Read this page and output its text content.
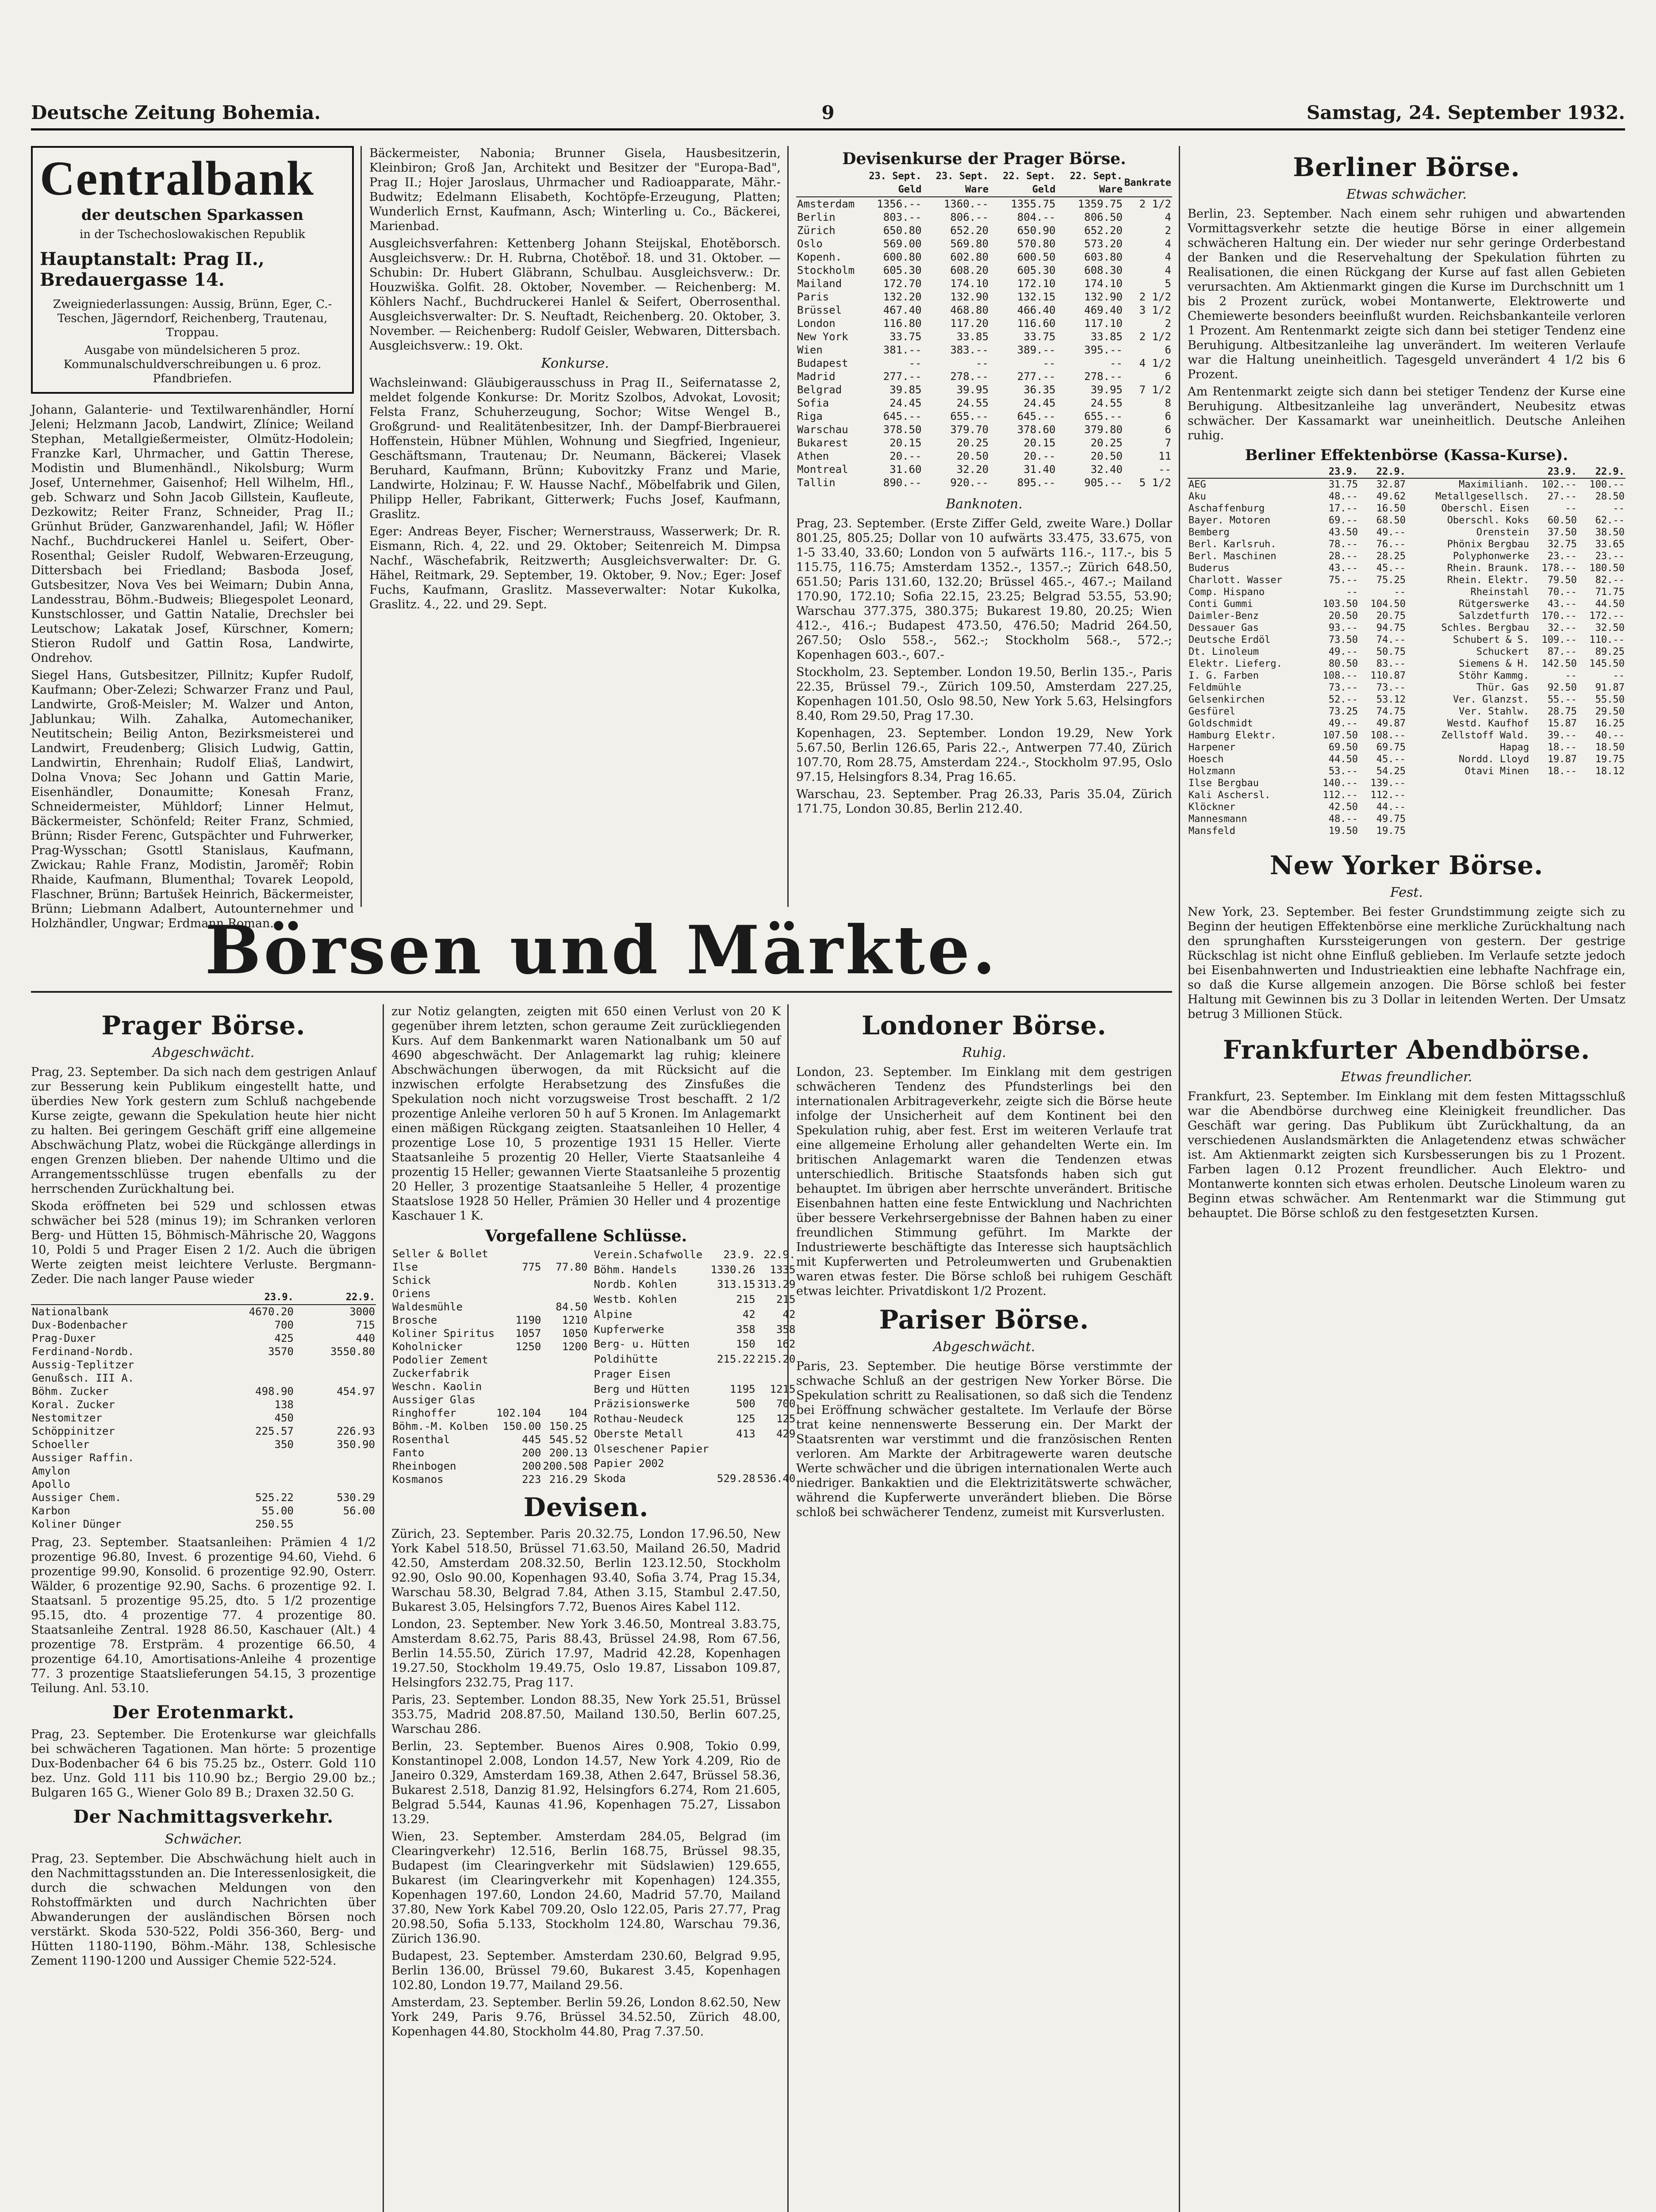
Deutsche Zeitung Bohemia.	9	Samstag, 24. September 1932.
Centralbank
der deutschen Sparkassen
in der Tschechoslowakischen Republik
Hauptanstalt: Prag II., Bredauergasse 14.
Zweigniederlassungen: Aussig, Brünn, Eger, C.-Teschen, Jägerndorf, Reichenberg, Trautenau, Troppau.
Ausgabe von mündelsicheren 5 proz. Kommunalschuldverschreibungen u. 6 proz. Pfandbriefen.

Johann, Galanterie- und Textilwarenhändler, Horní Jeleni; Helzmann Jacob, Landwirt, Zlínice; Weiland Stephan, Metallgießermeister, Olmütz-Hodolein; Franzke Karl, Uhrmacher, und Gattin Therese, Modistin und Blumenhändl., Nikolsburg; Wurm Josef, Unternehmer, Gaisenhof; Hell Wilhelm, Hfl., geb. Schwarz und Sohn Jacob Gillstein, Kaufleute, Dezkowitz; Reiter Franz, Schneider, Prag II.; Grünhut Brüder, Ganzwarenhandel, Jafil; W. Höfler Nachf., Buchdruckerei Hanlel u. Seifert, Ober-Rosenthal; Geisler Rudolf, Webwaren-Erzeugung, Dittersbach bei Friedland; Basboda Josef, Gutsbesitzer, Nova Ves bei Weimarn; Dubin Anna, Landesstrau, Böhm.-Budweis; Bliegespolet Leonard, Kunstschlosser, und Gattin Natalie, Drechsler bei Leutschow; Lakatak Josef, Kürschner, Komern; Stieron Rudolf und Gattin Rosa, Landwirte, Ondrehov.

Siegel Hans, Gutsbesitzer, Pillnitz; Kupfer Rudolf, Kaufmann; Ober-Zelezi; Schwarzer Franz und Paul, Landwirte, Groß-Meisler; M. Walzer und Anton, Jablunkau; Wilh. Zahalka, Automechaniker, Neutitschein; Beilig Anton, Bezirksmeisterei und Landwirt, Freudenberg; Glisich Ludwig, Gattin, Landwirtin, Ehrenhain; Rudolf Eliaš, Landwirt, Dolna Vnova; Sec Johann und Gattin Marie, Eisenhändler, Donaumitte; Konesah Franz, Schneidermeister, Mühldorf; Linner Helmut, Bäckermeister, Schönfeld; Reiter Franz, Schmied, Brünn; Risder Ferenc, Gutspächter und Fuhrwerker, Prag-Wysschan; Gsottl Stanislaus, Kaufmann, Zwickau; Rahle Franz, Modistin, Jaroměř; Robin Rhaide, Kaufmann, Blumenthal; Tovarek Leopold, Flaschner, Brünn; Bartušek Heinrich, Bäckermeister, Brünn; Liebmann Adalbert, Autounternehmer und Holzhändler, Ungwar; Erdmann Roman.

Bäckermeister, Nabonia; Brunner Gisela, Hausbesitzerin, Kleinbiron; Groß Jan, Architekt und Besitzer der "Europa-Bad", Prag II.; Hojer Jaroslaus, Uhrmacher und Radioapparate, Mähr.-Budwitz; Edelmann Elisabeth, Kochtöpfe-Erzeugung, Platten; Wunderlich Ernst, Kaufmann, Asch; Winterling u. Co., Bäckerei, Marienbad.

Ausgleichsverfahren: Kettenberg Johann Steijskal, Ehotěborsch. Ausgleichsverw.: Dr. H. Rubrna, Chotěboř. 18. und 31. Oktober. — Schubin: Dr. Hubert Gläbrann, Schulbau. Ausgleichsverw.: Dr. Houzwiška. Golfit. 28. Oktober, November. — Reichenberg: M. Köhlers Nachf., Buchdruckerei Hanlel & Seifert, Oberrosenthal. Ausgleichsverwalter: Dr. S. Neuftadt, Reichenberg. 20. Oktober, 3. November. — Reichenberg: Rudolf Geisler, Webwaren, Dittersbach. Ausgleichsverw.: 19. Okt.

Konkurse.

Wachsleinwand: Gläubigerausschuss in Prag II., Seifernatasse 2, meldet folgende Konkurse: Dr. Moritz Szolbos, Advokat, Lovosit; Felsta Franz, Schuherzeugung, Sochor; Witse Wengel B., Großgrund- und Realitätenbesitzer, Inh. der Dampf-Bierbrauerei Hoffenstein, Hübner Mühlen, Wohnung und Siegfried, Ingenieur, Geschäftsmann, Trautenau; Dr. Neumann, Bäckerei; Vlasek Beruhard, Kaufmann, Brünn; Kubovitzky Franz und Marie, Landwirte, Holzinau; F. W. Hausse Nachf., Möbelfabrik und Gilen, Philipp Heller, Fabrikant, Gitterwerk; Fuchs Josef, Kaufmann, Graslitz.

Eger: Andreas Beyer, Fischer; Wernerstrauss, Wasserwerk; Dr. R. Eismann, Rich. 4, 22. und 29. Oktober; Seitenreich M. Dimpsa Nachf., Wäschefabrik, Reitzwerth; Ausgleichsverwalter: Dr. G. Hähel, Reitmark, 29. September, 19. Oktober, 9. Nov.; Eger: Josef Fuchs, Kaufmann, Graslitz. Masseverwalter: Notar Kukolka, Graslitz. 4., 22. und 29. Sept.

Devisenkurse der Prager Börse.
	23. Sept. Geld	23. Sept. Ware	22. Sept. Geld	22. Sept. Ware	Bankrate
Amsterdam	1356.--	1360.--	1355.75	1359.75	2 1/2
Berlin	803.--	806.--	804.--	806.50	4
Zürich	650.80	652.20	650.90	652.20	2
Oslo	569.00	569.80	570.80	573.20	4
Kopenh.	600.80	602.80	600.50	603.80	4
Stockholm	605.30	608.20	605.30	608.30	4
Mailand	172.70	174.10	172.10	174.10	5
Paris	132.20	132.90	132.15	132.90	2 1/2
Brüssel	467.40	468.80	466.40	469.40	3 1/2
London	116.80	117.20	116.60	117.10	2
New York	33.75	33.85	33.75	33.85	2 1/2
Wien	381.--	383.--	389.--	395.--	6
Budapest	--	--	--	--	4 1/2
Madrid	277.--	278.--	277.--	278.--	6
Belgrad	39.85	39.95	36.35	39.95	7 1/2
Sofia	24.45	24.55	24.45	24.55	8
Riga	645.--	655.--	645.--	655.--	6
Warschau	378.50	379.70	378.60	379.80	6
Bukarest	20.15	20.25	20.15	20.25	7
Athen	20.--	20.50	20.--	20.50	11
Montreal	31.60	32.20	31.40	32.40	--
Tallin	890.--	920.--	895.--	905.--	5 1/2
Banknoten.

Prag, 23. September. (Erste Ziffer Geld, zweite Ware.) Dollar 801.25, 805.25; Dollar von 10 aufwärts 33.475, 33.675, von 1-5 33.40, 33.60; London von 5 aufwärts 116.-, 117.-, bis 5 115.75, 116.75; Amsterdam 1352.-, 1357.-; Zürich 648.50, 651.50; Paris 131.60, 132.20; Brüssel 465.-, 467.-; Mailand 170.90, 172.10; Sofia 22.15, 23.25; Belgrad 53.55, 53.90; Warschau 377.375, 380.375; Bukarest 19.80, 20.25; Wien 412.-, 416.-; Budapest 473.50, 476.50; Madrid 264.50, 267.50; Oslo 558.-, 562.-; Stockholm 568.-, 572.-; Kopenhagen 603.-, 607.-

Stockholm, 23. September. London 19.50, Berlin 135.-, Paris 22.35, Brüssel 79.-, Zürich 109.50, Amsterdam 227.25, Kopenhagen 101.50, Oslo 98.50, New York 5.63, Helsingfors 8.40, Rom 29.50, Prag 17.30.

Kopenhagen, 23. September. London 19.29, New York 5.67.50, Berlin 126.65, Paris 22.-, Antwerpen 77.40, Zürich 107.70, Rom 28.75, Amsterdam 224.-, Stockholm 97.95, Oslo 97.15, Helsingfors 8.34, Prag 16.65.

Warschau, 23. September. Prag 26.33, Paris 35.04, Zürich 171.75, London 30.85, Berlin 212.40.

Börsen und Märkte.
Prager Börse.
Abgeschwächt.

Prag, 23. September. Da sich nach dem gestrigen Anlauf zur Besserung kein Publikum eingestellt hatte, und überdies New York gestern zum Schluß nachgebende Kurse zeigte, gewann die Spekulation heute hier nicht zu halten. Bei geringem Geschäft griff eine allgemeine Abschwächung Platz, wobei die Rückgänge allerdings in engen Grenzen blieben. Der nahende Ultimo und die Arrangementsschlüsse trugen ebenfalls zu der herrschenden Zurückhaltung bei.

Skoda eröffneten bei 529 und schlossen etwas schwächer bei 528 (minus 19); im Schranken verloren Berg- und Hütten 15, Böhmisch-Mährische 20, Waggons 10, Poldi 5 und Prager Eisen 2 1/2. Auch die übrigen Werte zeigten meist leichtere Verluste. Bergmann-Zeder. Die nach langer Pause wieder

	23.9.	22.9.
Nationalbank	4670.20	3000
Dux-Bodenbacher	700	715
Prag-Duxer	425	440
Ferdinand-Nordb.	3570	3550.80
Aussig-Teplitzer		
Genußsch. III A.		
Böhm. Zucker	498.90	454.97
Koral. Zucker	138	
Nestomitzer	450	
Schöppinitzer	225.57	226.93
Schoeller	350	350.90
Aussiger Raffin.		
Amylon		
Apollo		
Aussiger Chem.	525.22	530.29
Karbon	55.00	56.00
Koliner Dünger	250.55	

Prag, 23. September. Staatsanleihen: Prämien 4 1/2 prozentige 96.80, Invest. 6 prozentige 94.60, Viehd. 6 prozentige 99.90, Konsolid. 6 prozentige 92.90, Osterr. Wälder, 6 prozentige 92.90, Sachs. 6 prozentige 92. I. Staatsanl. 5 prozentige 95.25, dto. 5 1/2 prozentige 95.15, dto. 4 prozentige 77. 4 prozentige 80. Staatsanleihe Zentral. 1928 86.50, Kaschauer (Alt.) 4 prozentige 78. Erstpräm. 4 prozentige 66.50, 4 prozentige 64.10, Amortisations-Anleihe 4 prozentige 77. 3 prozentige Staatslieferungen 54.15, 3 prozentige Teilung. Anl. 53.10.

Der Erotenmarkt.

Prag, 23. September. Die Erotenkurse war gleichfalls bei schwächeren Tagationen. Man hörte: 5 prozentige Dux-Bodenbacher 64 6 bis 75.25 bz., Osterr. Gold 110 bez. Unz. Gold 111 bis 110.90 bz.; Bergio 29.00 bz.; Bulgaren 165 G., Wiener Golo 89 B.; Draxen 32.50 G.

Der Nachmittagsverkehr.
Schwächer.

Prag, 23. September. Die Abschwächung hielt auch in den Nachmittagsstunden an. Die Interessenlosigkeit, die durch die schwachen Meldungen von den Rohstoffmärkten und durch Nachrichten über Abwanderungen der ausländischen Börsen noch verstärkt. Skoda 530-522, Poldi 356-360, Berg- und Hütten 1180-1190, Böhm.-Mähr. 138, Schlesische Zement 1190-1200 und Aussiger Chemie 522-524.

zur Notiz gelangten, zeigten mit 650 einen Verlust von 20 K gegenüber ihrem letzten, schon geraume Zeit zurückliegenden Kurs. Auf dem Bankenmarkt waren Nationalbank um 50 auf 4690 abgeschwächt. Der Anlagemarkt lag ruhig; kleinere Abschwächungen überwogen, da mit Rücksicht auf die inzwischen erfolgte Herabsetzung des Zinsfußes die Spekulation noch nicht vorzugsweise Trost beschafft. 2 1/2 prozentige Anleihe verloren 50 h auf 5 Kronen. Im Anlagemarkt einen mäßigen Rückgang zeigten. Staatsanleihen 10 Heller, 4 prozentige Lose 10, 5 prozentige 1931 15 Heller. Vierte Staatsanleihe 5 prozentig 20 Heller, Vierte Staatsanleihe 4 prozentig 15 Heller; gewannen Vierte Staatsanleihe 5 prozentig 20 Heller, 3 prozentige Staatsanleihe 5 Heller, 4 prozentige Staatslose 1928 50 Heller, Prämien 30 Heller und 4 prozentige Kaschauer 1 K.

Vorgefallene Schlüsse.
Seller & Bollet		
Ilse	775	77.80
Schick		
Oriens		
Waldesmühle		84.50
Brosche	1190	1210
Koliner Spiritus	1057	1050
Koholnicker	1250	1200
Podolier Zement		
Zuckerfabrik		
Weschn. Kaolin		
Aussiger Glas		
Ringhoffer	102.104	104
Böhm.-M. Kolben	150.00	150.25
Rosenthal	445	545.52
Fanto	200	200.13
Rheinbogen	200	200.508
Kosmanos	223	216.29
Verein.Schafwolle	23.9.	22.9.
Böhm. Handels	1330.26	1335
Nordb. Kohlen	313.15	313.29
Westb. Kohlen	215	215
Alpine	42	42
Kupferwerke	358	358
Berg- u. Hütten	150	162
Poldihütte	215.22	215.20
Prager Eisen		
Berg und Hütten	1195	1215
Präzisionswerke	500	700
Rothau-Neudeck	125	125
Oberste Metall	413	429
Olseschener Papier		
Papier 2002		
Skoda	529.28	536.40
Devisen.

Zürich, 23. September. Paris 20.32.75, London 17.96.50, New York Kabel 518.50, Brüssel 71.63.50, Mailand 26.50, Madrid 42.50, Amsterdam 208.32.50, Berlin 123.12.50, Stockholm 92.90, Oslo 90.00, Kopenhagen 93.40, Sofia 3.74, Prag 15.34, Warschau 58.30, Belgrad 7.84, Athen 3.15, Stambul 2.47.50, Bukarest 3.05, Helsingfors 7.72, Buenos Aires Kabel 112.

London, 23. September. New York 3.46.50, Montreal 3.83.75, Amsterdam 8.62.75, Paris 88.43, Brüssel 24.98, Rom 67.56, Berlin 14.55.50, Zürich 17.97, Madrid 42.28, Kopenhagen 19.27.50, Stockholm 19.49.75, Oslo 19.87, Lissabon 109.87, Helsingfors 232.75, Prag 117.

Paris, 23. September. London 88.35, New York 25.51, Brüssel 353.75, Madrid 208.87.50, Mailand 130.50, Berlin 607.25, Warschau 286.

Berlin, 23. September. Buenos Aires 0.908, Tokio 0.99, Konstantinopel 2.008, London 14.57, New York 4.209, Rio de Janeiro 0.329, Amsterdam 169.38, Athen 2.647, Brüssel 58.36, Bukarest 2.518, Danzig 81.92, Helsingfors 6.274, Rom 21.605, Belgrad 5.544, Kaunas 41.96, Kopenhagen 75.27, Lissabon 13.29.

Wien, 23. September. Amsterdam 284.05, Belgrad (im Clearingverkehr) 12.516, Berlin 168.75, Brüssel 98.35, Budapest (im Clearingverkehr mit Südslawien) 129.655, Bukarest (im Clearingverkehr mit Kopenhagen) 124.355, Kopenhagen 197.60, London 24.60, Madrid 57.70, Mailand 37.80, New York Kabel 709.20, Oslo 122.05, Paris 27.77, Prag 20.98.50, Sofia 5.133, Stockholm 124.80, Warschau 79.36, Zürich 136.90.

Budapest, 23. September. Amsterdam 230.60, Belgrad 9.95, Berlin 136.00, Brüssel 79.60, Bukarest 3.45, Kopenhagen 102.80, London 19.77, Mailand 29.56.

Amsterdam, 23. September. Berlin 59.26, London 8.62.50, New York 249, Paris 9.76, Brüssel 34.52.50, Zürich 48.00, Kopenhagen 44.80, Stockholm 44.80, Prag 7.37.50.

Londoner Börse.
Ruhig.

London, 23. September. Im Einklang mit dem gestrigen schwächeren Tendenz des Pfundsterlings bei den internationalen Arbitrageverkehr, zeigte sich die Börse heute infolge der Unsicherheit auf dem Kontinent bei den Spekulation ruhig, aber fest. Erst im weiteren Verlaufe trat eine allgemeine Erholung aller gehandelten Werte ein. Im britischen Anlagemarkt waren die Tendenzen etwas unterschiedlich. Britische Staatsfonds haben sich gut behauptet. Im übrigen aber herrschte unverändert. Britische Eisenbahnen hatten eine feste Entwicklung und Nachrichten über bessere Verkehrsergebnisse der Bahnen haben zu einer freundlichen Stimmung geführt. Im Markte der Industriewerte beschäftigte das Interesse sich hauptsächlich mit Kupferwerten und Petroleumwerten und Grubenaktien waren etwas fester. Die Börse schloß bei ruhigem Geschäft etwas leichter. Privatdiskont 1/2 Prozent.

Pariser Börse.
Abgeschwächt.

Paris, 23. September. Die heutige Börse verstimmte der schwache Schluß an der gestrigen New Yorker Börse. Die Spekulation schritt zu Realisationen, so daß sich die Tendenz bei Eröffnung schwächer gestaltete. Im Verlaufe der Börse trat keine nennenswerte Besserung ein. Der Markt der Staatsrenten war verstimmt und die französischen Renten verloren. Am Markte der Arbitragewerte waren deutsche Werte schwächer und die übrigen internationalen Werte auch niedriger. Bankaktien und die Elektrizitätswerte schwächer, während die Kupferwerte unverändert blieben. Die Börse schloß bei schwächerer Tendenz, zumeist mit Kursverlusten.

Berliner Börse.
Etwas schwächer.

Berlin, 23. September. Nach einem sehr ruhigen und abwartenden Vormittagsverkehr setzte die heutige Börse in einer allgemein schwächeren Haltung ein. Der wieder nur sehr geringe Orderbestand der Banken und die Reservehaltung der Spekulation führten zu Realisationen, die einen Rückgang der Kurse auf fast allen Gebieten verursachten. Am Aktienmarkt gingen die Kurse im Durchschnitt um 1 bis 2 Prozent zurück, wobei Montanwerte, Elektrowerte und Chemiewerte besonders beeinflußt wurden. Reichsbankanteile verloren 1 Prozent. Am Rentenmarkt zeigte sich dann bei stetiger Tendenz eine Beruhigung. Altbesitzanleihe lag unverändert. Im weiteren Verlaufe war die Haltung uneinheitlich. Tagesgeld unverändert 4 1/2 bis 6 Prozent.

Am Rentenmarkt zeigte sich dann bei stetiger Tendenz der Kurse eine Beruhigung. Altbesitzanleihe lag unverändert, Neubesitz etwas schwächer. Der Kassamarkt war uneinheitlich. Deutsche Anleihen ruhig.

Berliner Effektenbörse (Kassa-Kurse).
	23.9.	22.9.		23.9.	22.9.
AEG	31.75	32.87	Maximilianh.	102.--	100.--
Aku	48.--	49.62	Metallgesellsch.	27.--	28.50
Aschaffenburg	17.--	16.50	Oberschl. Eisen	--	--
Bayer. Motoren	69.--	68.50	Oberschl. Koks	60.50	62.--
Bemberg	43.50	49.--	Orenstein	37.50	38.50
Berl. Karlsruh.	78.--	76.--	Phönix Bergbau	32.75	33.65
Berl. Maschinen	28.--	28.25	Polyphonwerke	23.--	23.--
Buderus	43.--	45.--	Rhein. Braunk.	178.--	180.50
Charlott. Wasser	75.--	75.25	Rhein. Elektr.	79.50	82.--
Comp. Hispano	--	--	Rheinstahl	70.--	71.75
Conti Gummi	103.50	104.50	Rütgerswerke	43.--	44.50
Daimler-Benz	20.50	20.75	Salzdetfurth	170.--	172.--
Dessauer Gas	93.--	94.75	Schles. Bergbau	32.--	32.50
Deutsche Erdöl	73.50	74.--	Schubert & S.	109.--	110.--
Dt. Linoleum	49.--	50.75	Schuckert	87.--	89.25
Elektr. Lieferg.	80.50	83.--	Siemens & H.	142.50	145.50
I. G. Farben	108.--	110.87	Stöhr Kammg.	--	--
Feldmühle	73.--	73.--	Thür. Gas	92.50	91.87
Gelsenkirchen	52.--	53.12	Ver. Glanzst.	55.--	55.50
Gesfürel	73.25	74.75	Ver. Stahlw.	28.75	29.50
Goldschmidt	49.--	49.87	Westd. Kaufhof	15.87	16.25
Hamburg Elektr.	107.50	108.--	Zellstoff Wald.	39.--	40.--
Harpener	69.50	69.75	Hapag	18.--	18.50
Hoesch	44.50	45.--	Nordd. Lloyd	19.87	19.75
Holzmann	53.--	54.25	Otavi Minen	18.--	18.12
Ilse Bergbau	140.--	139.--			
Kali Aschersl.	112.--	112.--			
Klöckner	42.50	44.--			
Mannesmann	48.--	49.75			
Mansfeld	19.50	19.75			
New Yorker Börse.
Fest.

New York, 23. September. Bei fester Grundstimmung zeigte sich zu Beginn der heutigen Effektenbörse eine merkliche Zurückhaltung nach den sprunghaften Kurssteigerungen von gestern. Der gestrige Rückschlag ist nicht ohne Einfluß geblieben. Im Verlaufe setzte jedoch bei Eisenbahnwerten und Industrieaktien eine lebhafte Nachfrage ein, so daß die Kurse allgemein anzogen. Die Börse schloß bei fester Haltung mit Gewinnen bis zu 3 Dollar in leitenden Werten. Der Umsatz betrug 3 Millionen Stück.

Frankfurter Abendbörse.
Etwas freundlicher.

Frankfurt, 23. September. Im Einklang mit dem festen Mittagsschluß war die Abendbörse durchweg eine Kleinigkeit freundlicher. Das Geschäft war gering. Das Publikum übt Zurückhaltung, da an verschiedenen Auslandsmärkten die Anlagetendenz etwas schwächer ist. Am Aktienmarkt zeigten sich Kursbesserungen bis zu 1 Prozent. Farben lagen 0.12 Prozent freundlicher. Auch Elektro- und Montanwerte konnten sich etwas erholen. Deutsche Linoleum waren zu Beginn etwas schwächer. Am Rentenmarkt war die Stimmung gut behauptet. Die Börse schloß zu den festgesetzten Kursen.
